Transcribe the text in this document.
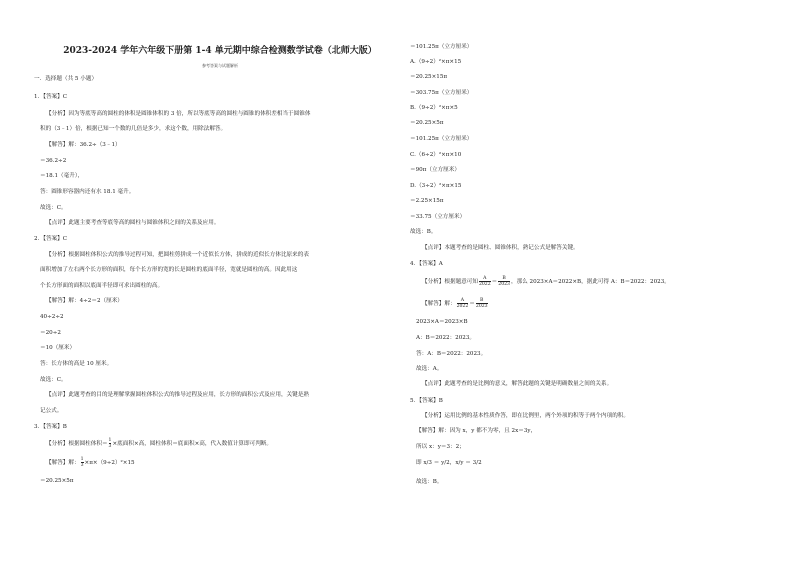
2023-2024 学年六年级下册第 1-4 单元期中综合检测数学试卷（北师大版）
参考答案与试题解析
一．选择题（共 5 小题）
1．【答案】C
【分析】因为等底等高的圆柱的体积是圆锥体积的 3 倍，所以等底等高的圆柱与圆锥的体积差相当于圆锥体
积的（3﹣1）倍，根据已知一个数的几倍是多少，求这个数，用除法解答。
【解答】解：36.2÷（3﹣1）
＝36.2÷2
＝18.1（毫升），
答：圆锥形容器内还有水 18.1 毫升。
故选：C。
【点评】此题主要考查等底等高的圆柱与圆锥体积之间的关系及应用。
2．【答案】C
【分析】根据圆柱体积公式的推导过程可知，把圆柱剪拼成一个近似长方体，拼成的近似长方体比原来的表
面积增加了左右两个长方形的面积，每个长方形的宽的长是圆柱的底面半径，宽就是圆柱的高。因此用这
个长方形面的面积以底面半径即可求出圆柱的高。
【解答】解：4÷2＝2（厘米）
40÷2÷2
＝20÷2
＝10（厘米）
答：长方体的高是 10 厘米。
故选：C。
【点评】此题考查的目的是理解掌握圆柱体积公式的推导过程及应用，长方形的面积公式及应用，关键是熟
记公式。
3．【答案】B
【分析】根据圆柱体积＝ $\frac{1}{3}$ ×底面积×高，圆柱体积＝底面积×高，代入数值计算即可判断。
【解答】解： $\frac{1}{3} \times\pi\times(9\div 2)^2\times 15$
＝20.25×5π
＝101.25π（立方厘米）
A.（9÷2）²×π×15
＝20.25×15π
＝303.75π（立方厘米）
B.（9÷2）²×π×5
＝20.25×5π
＝101.25π（立方厘米）
C.（6÷2）²×π×10
＝90π（立方厘米）
D.（3÷2）²×π×15
＝2.25×15π
＝33.75（立方厘米）
故选：B。
【点评】本题考查的是圆柱、圆锥体积，熟记公式是解答关键。
4．【答案】A
【分析】根据题意可知 $\frac{A}{2022} = \frac{B}{2023}$ ，那么 2023×A＝2022×B，据此可得 A：B＝2022：2023。
【解答】解： $\frac{A}{2022} = \frac{B}{2023}$
2023×A＝2023×B
A：B＝2022：2023。
答：A：B＝2022：2023。
故选：A。
【点评】此题考查的是比例的意义，解答此题的关键是明确数量之间的关系。
5．【答案】B
【分析】运用比例的基本性质作答，即在比例里，两个外项的积等于两个内项的积。
【解答】解：因为 x，y 都不为零，且 2x＝3y，
所以 x：y＝3：2；
即 x/3 ＝ y/2，x/y ＝ 3/2
故选：B。
